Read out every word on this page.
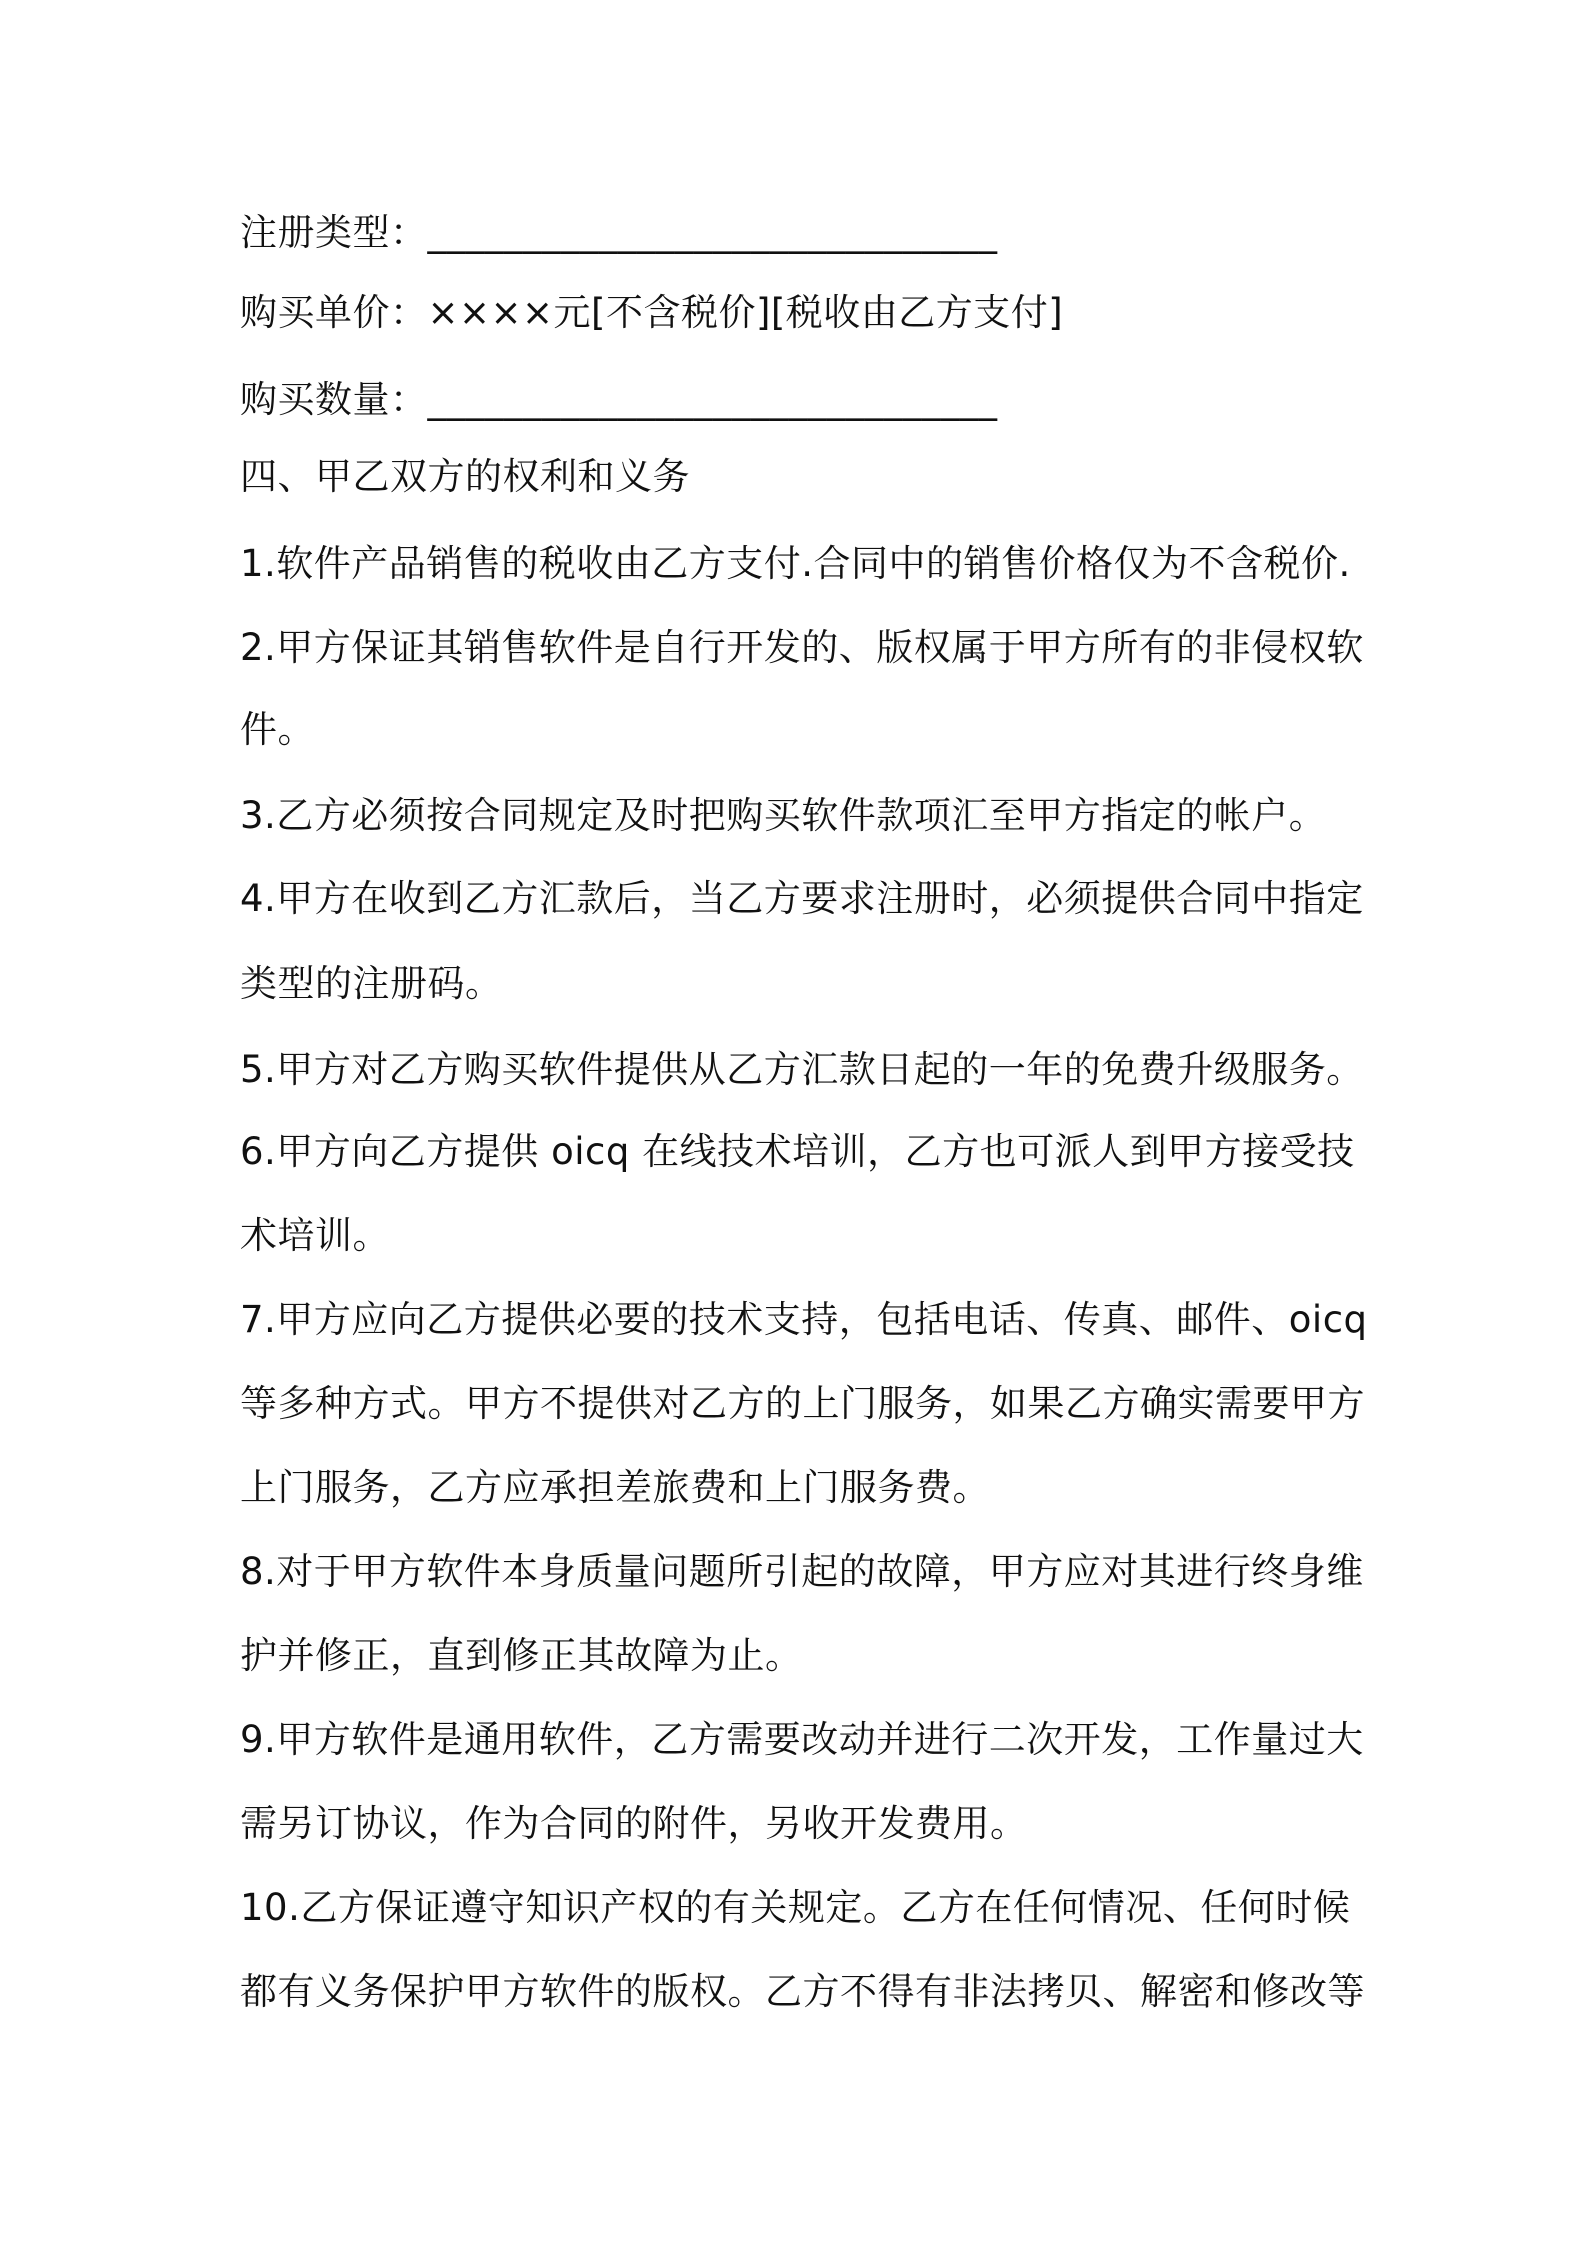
注册类型：______________________________
购买单价：××××元[不含税价][税收由乙方支付]
购买数量：______________________________
四、甲乙双方的权利和义务
1.软件产品销售的税收由乙方支付.合同中的销售价格仅为不含税价.
2.甲方保证其销售软件是自行开发的、版权属于甲方所有的非侵权软
件。
3.乙方必须按合同规定及时把购买软件款项汇至甲方指定的帐户。
4.甲方在收到乙方汇款后，当乙方要求注册时，必须提供合同中指定
类型的注册码。
5.甲方对乙方购买软件提供从乙方汇款日起的一年的免费升级服务。
6.甲方向乙方提供 oicq 在线技术培训，乙方也可派人到甲方接受技
术培训。
7.甲方应向乙方提供必要的技术支持，包括电话、传真、邮件、oicq
等多种方式。甲方不提供对乙方的上门服务，如果乙方确实需要甲方
上门服务，乙方应承担差旅费和上门服务费。
8.对于甲方软件本身质量问题所引起的故障，甲方应对其进行终身维
护并修正，直到修正其故障为止。
9.甲方软件是通用软件，乙方需要改动并进行二次开发，工作量过大
需另订协议，作为合同的附件，另收开发费用。
10.乙方保证遵守知识产权的有关规定。乙方在任何情况、任何时候
都有义务保护甲方软件的版权。乙方不得有非法拷贝、解密和修改等
